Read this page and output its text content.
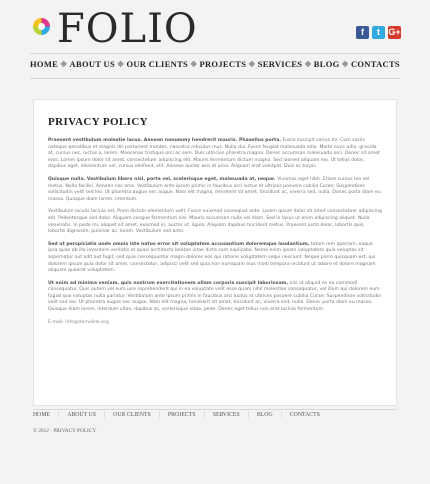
FOLIO	f	t G+
HOME ◆ ABOUT US ◆ OUR CLIENTS ◆ PROJECTS ◆ SERVICES ◆ BLOG ◆ CONTACTS
PRIVACY POLICY

Praesent vestibulum molestie lacus. Aenean nonummy hendrerit mauris. Phasellus porta. Fusce suscipit varius mi. Cum sociis natoque penatibus et magnis dis parturient montes, nascetur ridiculus mus. Nulla dui. Fusce feugiat malesuada odio. Morbi nunc odio, gravida at, cursus nec, luctus a, lorem. Maecenas tristique orci ac sem. Duis ultricies pharetra magna. Donec accumsan malesuada orci. Donec sit amet eros. Lorem ipsum dolor sit amet, consectetuer adipiscing elit. Mauris fermentum dictum magna. Sed laoreet aliquam leo. Ut tellus dolor, dapibus eget, elementum vel, cursus eleifend, elit. Aenean auctor wisi et urna. Aliquam erat volutpat. Duis ac turpis.

Quisque nulla. Vestibulum libero nisl, porta vel, scelerisque eget, malesuada at, neque. Vivamus eget nibh. Etiam cursus leo vel metus. Nulla facilisi. Aenean nec eros. Vestibulum ante ipsum primis in faucibus orci luctus et ultrices posuere cubilia Curae; Suspendisse sollicitudin velit sed leo. Ut pharetra augue nec augue. Nam elit magna, hendrerit sit amet, tincidunt ac, viverra sed, nulla. Donec porta diam eu massa. Quisque diam lorem, interdum.

Vestibulum iaculis lacinia est. Proin dictum elementum velit. Fusce euismod consequat ante. Lorem ipsum dolor sit amet consectetuer adipiscing elit. Pellentesque sed dolor. Aliquam congue fermentum nisl. Mauris accumsan nulla vel diam. Sed in lacus ut enim adipiscing aliquet. Nulla venenatis. In pede mi, aliquet sit amet, euismod in, auctor ut, ligula. Aliquam dapibus tincidunt metus. Praesent justo dolor, lobortis quis, lobortis dignissim, pulvinar ac, lorem. Vestibulum sed ante.

Sed ut perspiciatis unde omnis iste natus error sit voluptatem accusantium doloremque laudantium, totam rem aperiam, eaque ipsa quae ab illo inventore veritatis et quasi architecto beatae vitae dicta sunt explicabo. Nemo enim ipsam voluptatem quia voluptas sit aspernatur aut odit aut fugit, sed quia consequuntur magni dolores eos qui ratione voluptatem sequi nesciunt. Neque porro quisquam est, qui dolorem ipsum quia dolor sit amet, consectetur, adipisci velit sed quia non numquam eius modi tempora incidunt ut labore et dolore magnam aliquam quaerat voluptatem.

Ut enim ad minima veniam, quis nostrum exercitationem ullam corporis suscipit laboriosam, nisi ut aliquid ex ea commodi consequatur. Quis autem vel eum iure reprehenderit qui in ea voluptate velit esse quam nihil molestiae consequatur, vel illum qui dolorem eum fugiat quo voluptas nulla pariatur. Vestibulum ante ipsum primis in faucibus orci luctus et ultrices posuere cubilia Curae; Suspendisse sollicitudin velit sed leo. Ut pharetra augue nec augue. Nam elit magna, hendrerit sit amet, tincidunt ac, viverra sed, nulla. Donec porta diam eu massa. Quisque diam lorem, interdum vitae, dapibus ac, scelerisque vitae, pede. Donec eget tellus non erat lacinia fermentum.

E-mail: info@demolink.org
HOME | ABOUT US | OUR CLIENTS | PROJECTS | SERVICES | BLOG | CONTACTS
© 2012 · PRIVACY POLICY
